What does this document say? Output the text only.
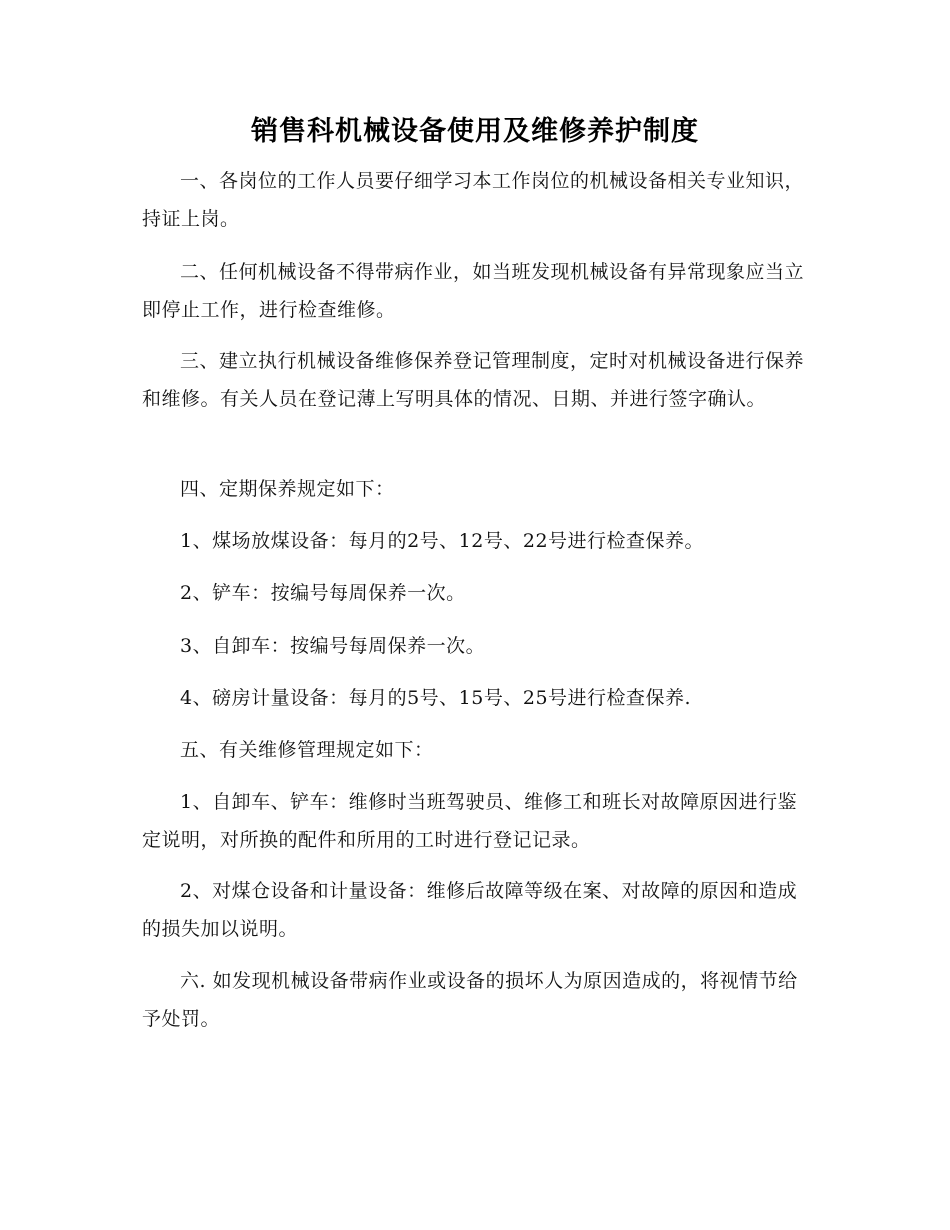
销售科机械设备使用及维修养护制度

一、各岗位的工作人员要仔细学习本工作岗位的机械设备相关专业知识，持证上岗。

二、任何机械设备不得带病作业，如当班发现机械设备有异常现象应当立即停止工作，进行检查维修。

三、建立执行机械设备维修保养登记管理制度，定时对机械设备进行保养和维修。有关人员在登记薄上写明具体的情况、日期、并进行签字确认。

四、定期保养规定如下：

1、煤场放煤设备：每月的2号、12号、22号进行检查保养。

2、铲车：按编号每周保养一次。

3、自卸车：按编号每周保养一次。

4、磅房计量设备：每月的5号、15号、25号进行检查保养.

五、有关维修管理规定如下：

1、自卸车、铲车：维修时当班驾驶员、维修工和班长对故障原因进行鉴定说明，对所换的配件和所用的工时进行登记记录。

2、对煤仓设备和计量设备：维修后故障等级在案、对故障的原因和造成的损失加以说明。

六. 如发现机械设备带病作业或设备的损坏人为原因造成的，将视情节给予处罚。
